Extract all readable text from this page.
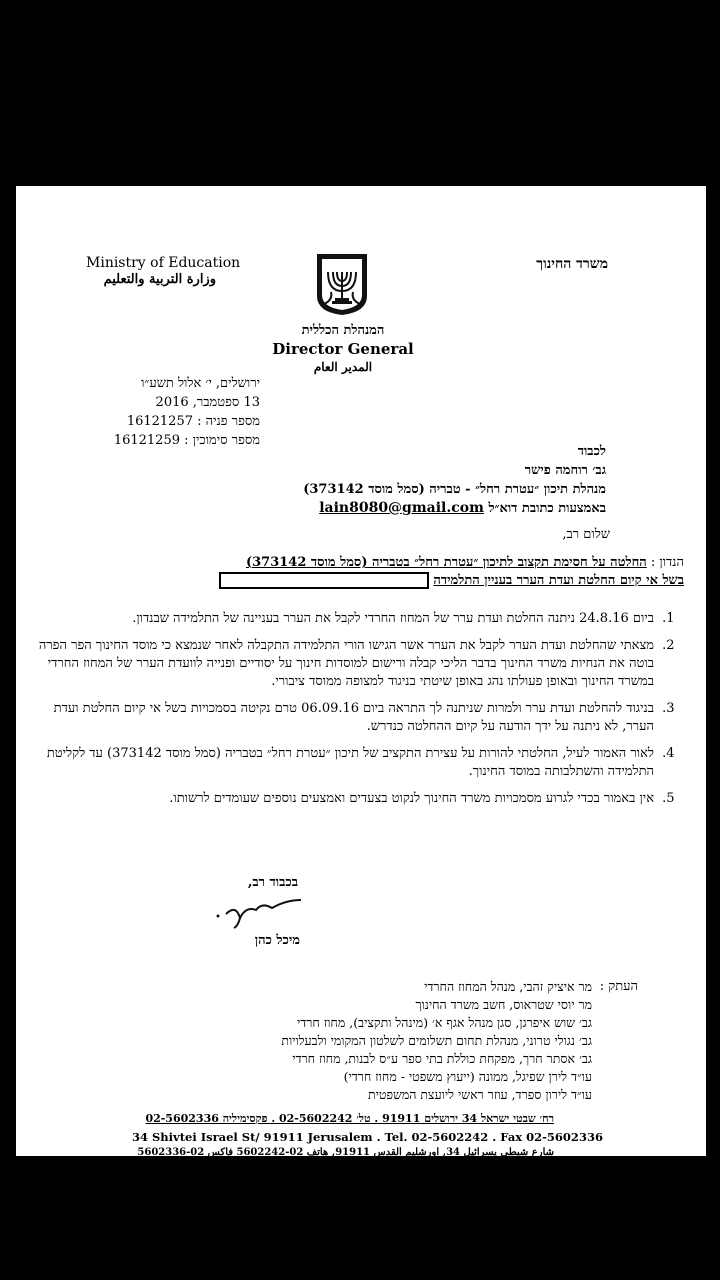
Ministry of Education
وزارة التربية والتعليم
משרד החינוך
המנהלת הכללית
Director General
المدير العام
ירושלים, י׳ אלול תשע״ו
13 ספטמבר, 2016
מספר פניה : 16121257
מספר סימוכין : 16121259
לכבוד
גב׳ רוחמה פישר
מנהלת תיכון ״עטרת רחל״ - טבריה (סמל מוסד 373142)
באמצעות כתובת דוא״ל lain8080@gmail.com
שלום רב,
הנדון : החלטה על חסימת תקצוב לתיכון ״עטרת רחל״ בטבריה (סמל מוסד 373142)
בשל אי קיום החלטת ועדת הערר בעניין התלמידה
1. ביום 24.8.16 ניתנה החלטת ועדת ערר של המחוז החרדי לקבל את הערר בעניינה של התלמידה שבנדון.
2. מצאתי שהחלטת ועדת הערר לקבל את הערר אשר הגישו הורי התלמידה התקבלה לאחר שנמצא כי מוסד החינוך הפר הפרה בוטה את הנחיות משרד החינוך בדבר הליכי קבלה ורישום למוסדות חינוך על יסודיים ופנייה לוועדת הערר של המחוז החרדי במשרד החינוך ובאופן פעולתו נהג באופן שיטתי בניגוד למצופה ממוסד ציבורי.
3. בניגוד להחלטת ועדת ערר ולמרות שניתנה לך התראה ביום 06.09.16 טרם נקיטה בסמכויות בשל אי קיום החלטת ועדת הערר, לא ניתנה על ידך הודעה על קיום ההחלטה כנדרש.
4. לאור האמור לעיל, החלטתי להורות על עצירת התקציב של תיכון ״עטרת רחל״ בטבריה (סמל מוסד 373142) עד לקליטת התלמידה והשתלבותה במוסד החינוך.
5. אין באמור בכדי לגרוע מסמכויות משרד החינוך לנקוט בצעדים ואמצעים נוספים שעומדים לרשותו.
בכבוד רב,
מיכל כהן
העתק :
מר איציק זהבי, מנהל המחוז החרדי
מר יוסי שטראוס, חשב משרד החינוך
גב׳ שוש איפרגן, סגן מנהל אגף א׳ (מינהל ותקציב), מחוז חרדי
גב׳ נגולי טרוני, מנהלת תחום תשלומים לשלטון המקומי ולבעלויות
גב׳ אסתר חרך, מפקחת כוללת בתי ספר ע״ס לבנות, מחוז חרדי
עו״ד לירן שפיגל, ממונה (ייעוץ משפטי - מחוז חרדי)
עו״ד לירון ספרד, עוזר ראשי ליועצת המשפטית
רח׳ שבטי ישראל 34 ירושלים 91911 . טל׳ 02-5602242 . פקסימיליה 02-5602336
34 Shivtei Israel St/ 91911 Jerusalem . Tel. 02-5602242 . Fax 02-5602336
شارع شبطي يسرائيل 34, اورشليم القدس 91911, هاتف 02-5602242 فاكس 02-5602336
